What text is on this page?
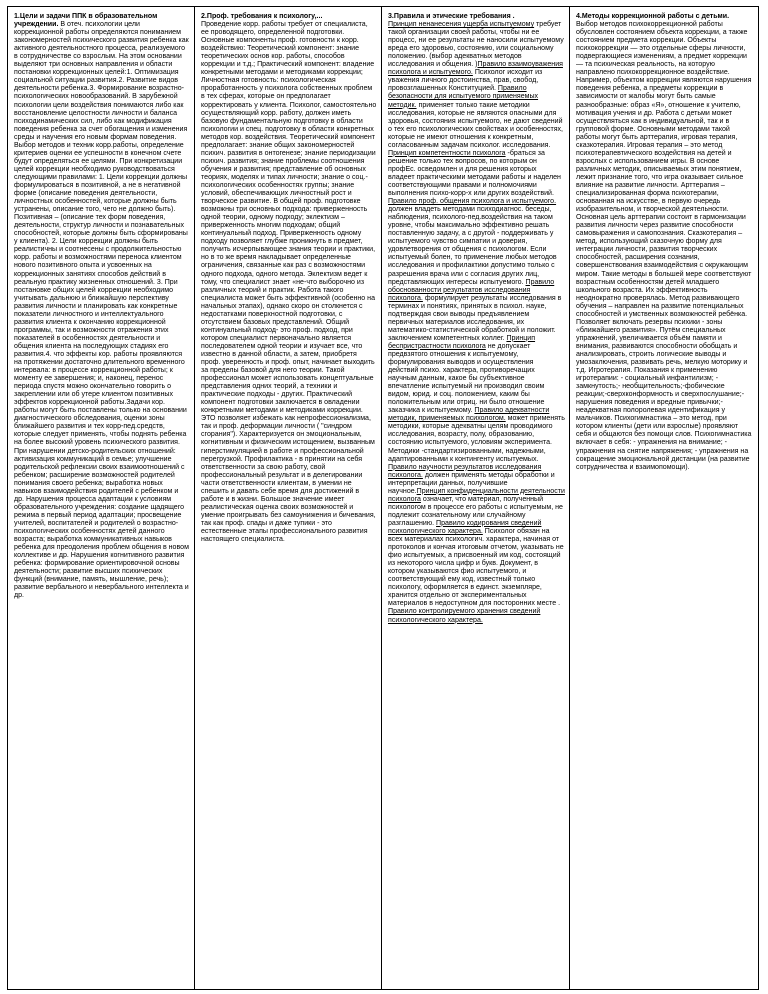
1.Цели и задачи ППК в образовательном учреждении. В отеч. психологии цели коррекционной работы определяются пониманием закономерностей психического развития ребенка как активного деятельностного процесса, реализуемого в сотрудничестве со взрослым. На этом основании выделяют три основных направления и области постановки коррекционных целей:1. Оптимизация социальной ситуации развития.2. Развитие видов деятельности ребенка.3. Формирование возрастно-психологических новообразований. В зарубежной психологии цели воздействия понимаются либо как восстановление целостности личности и баланса психодинамических сил, либо как модификация поведения ребенка за счет обогащения и изменения среды и научения его новым формам поведения. Выбор методов и техник корр.работы, определение критериев оценки ее успешности в конечном счете будут определяться ее целями. При конкретизации целей коррекции необходимо руководствоваться следующими правилами: 1. Цели коррекции должны формулироваться в позитивной, а не в негативной форме (описание поведения деятельности, личностных особенностей, которые должны быть устранены, описание того, чего не должно быть). Позитивная – (описание тех форм поведения, деятельности, структур личности и познавательных способностей, которые должны быть сформированы у клиента). 2. Цели коррекции должны быть реалистичны и соотнесены с продолжительностью корр. работы и возможностями переноса клиентом нового позитивного опыта и усвоенных на коррекционных занятиях способов действий в реальную практику жизненных отношений. 3. При постановке общих целей коррекции необходимо учитывать дальнюю и ближайшую перспективу развития личности и планировать как конкретные показатели личностного и интеллектуального развития клиента к окончанию коррекционной программы, так и возможности отражения этих показателей в особенностях деятельности и общения клиента на последующих стадиях его развития.4. что эффекты кор. работы проявляются на протяжении достаточно длительного временного интервала: в процессе коррекционной работы; к моменту ее завершения; и, наконец, перенос периода спустя можно окончательно говорить о закреплении или об утере клиентом позитивных эффектов коррекционной работы.Задачи кор. работы могут быть поставлены только на основании диагностического обследования, оценки зоны ближайшего развития и тех корр-пед.средств, которые следует применять, чтобы поднять ребенка на более высокий уровень психического развития. При нарушении детско-родительских отношений: активизация коммуникаций в семье; улучшение родительской рефлексии своих взаимоотношений с ребенком; расширение возможностей родителей понимания своего ребенка; выработка новых навыков взаимодействия родителей с ребенком и др. Нарушения процесса адаптации к условиям образовательного учреждения: создание щадящего режима в первый период адаптации; просвещение учителей, воспитателей и родителей о возрастно-психологических особенностях детей данного возраста; выработка коммуникативных навыков ребенка для преодоления проблем общения в новом коллективе и др. Нарушения когнитивного развития ребенка: формирование ориентировочной основы деятельности; развитие высших психических функций (внимание, память, мышление, речь); развитие вербального и невербального интеллекта и др.

2.Проф. требования к психологу,...

Проведение корр. работы требует от специалиста, ее проводящего, определенной подготовки. Основные компоненты проф. готовности к корр. воздействию: Теоретический компонент: знание теоретических основ кор. работы, способов коррекции и т.д.; Практический компонент: владение конкретными методами и методиками коррекции; Личностная готовность: психологическая проработанность у психолога собственных проблем в тех сферах, которые он предполагает корректировать у клиента. Психолог, самостоятельно осуществляющий корр. работу, должен иметь базовую фундаментальную подготовку в области психологии и спец. подготовку в области конкретных методов кор. воздействия. Теоретический компонент предполагает: знание общих закономерностей психич. развития в онтогенезе; знание периодизации психич. развития; знание проблемы соотношения обучения и развития; представление об основных теориях, моделях и типах личности; знание о соц.-психологических особенностях группы; знание условий, обеспечивающих личностный рост и творческое развитие. В общей проф. подготовке возможны три основных подхода: приверженность одной теории, одному подходу; эклектизм – приверженность многим подходам; общий континуальный подход. Приверженность одному подходу позволяет глубже проникнуть в предмет, получить исчерпывающее знания теории и практики, но в то же время накладывает определенные ограничения, связанные как раз с возможностями одного подхода, одного метода. Эклектизм ведет к тому, что специалист знает «не-что выборочно из различных теорий и практик. Работа такого специалиста может быть эффективной (особенно на начальных этапах), однако скоро он столкнется с недостатками поверхностной подготовки, с отсутствием базовых представлений. Общий континуальный подход- это проф. подход, при котором специалист первоначально является последователем одной теории и изучает все, что известно в данной области, а затем, приобретя проф. уверенность и проф. опыт, начинает выходить за пределы базовой для него теории. Такой профессионал может использовать концептуальные представления одних теорий, а техники и практические подходы - других. Практический компонент подготовки заключается в овладении конкретными методами и методиками коррекции. ЭТО позволяет избежать как непрофессионализма, так и проф. деформации личности ( "синдром сгорания"). Характеризуется он эмоциональным, когнитивным и физическим истощением, вызванным гиперстимуляцией в работе и профессиональной перегрузкой. Профилактика - в принятии на себя ответственности за свою работу, свой профессиональный результат и в делегировании части ответственности клиентам, в умении не спешить и давать себе время для достижений в работе и в жизни. Большое значение имеет реалистическая оценка своих возможностей и умение проигрывать без самоунижения и бичевания, так как проф. спады и даже тупики - это естественные этапы профессионального развития настоящего специалиста.

3.Правила и этические требования .

Принцип ненанесения ущерба испытуемому требует такой организации своей работы, чтобы ни ее процесс, ни ее результаты не наносили испытуемому вреда его здоровью, состоянию, или социальному положению. (выбор адекватных методов исследования и общения. )Правило взаимоуважения психолога и испытуемого. Психолог исходит из уважения личного достоинства, прав, свобод, провозглашенных Конституцией. Правило безопасности для испытуемого применяемых методик. применяет только такие методики исследования, которые не являются опасными для здоровья, состояния испытуемого, не дают сведений о тех его психологических свойствах и особенностях, которые не имеют отношения к конкретным, согласованным задачам психолог. исследования. Принцип компетентности психолога -браться за решение только тех вопросов, по которым он профЕс. осведомлен и для решения которых владеет практическими методами работы и наделен соответствующими правами и полномочиями выполнения психо-корр-х или других воздействий. Правило проф. общения психолога и испытуемого. должен владеть методами психодиагнос. беседы, наблюдения, психолого-пед.воздействия на таком уровне, чтобы максимально эффективно решать поставленную задачу, а с другой - поддерживать у испытуемого чувство симпатии и доверия, удовлетворения от общения с психологом. Если испытуемый болен, то применение любых методов исследования и профилактики допустимо только с разрешения врача или с согласия других лиц, представляющих интересы испытуемого. Правило обоснованности результатов исследования психолога. формулирует результаты исследования в терминах и понятиях, принятых в психол. науке, подтверждая свои выводы предъявлением первичных материалов исследования, их математико-статистической обработкой и положит. заключением компетентных коллег. Принцип беспристрастности психолога не допускает предвзятого отношения к испытуемому, формулирования выводов и осуществления действий психо. характера, противоречащих научным данным, какое бы субъективное впечатление испытуемый ни производил своим видом, юрид. и соц. положением, каким бы положительным или отриц. ни было отношение заказчика к испытуемому. Правило адекватности методик, применяемых психологом. может применять методики, которые адекватны целям проводимого исследования, возрасту, полу, образованию, состоянию испытуемого, условиям эксперимента. Методики -стандартизированными, надежными, адаптированными к контингенту испытуемых. Правило научности результатов исследования психолога. должен применять методы обработки и интерпретации данных, получившие научное.Принцип конфиденциальности деятельности психолога означает, что материал, полученный психологом в процессе его работы с испытуемым, не подлежит сознательному или случайному разглашению. Правило кодирования сведений психологического характера. Психолог обязан на всех материалах психологич. характера, начиная от протоколов и кончая итоговым отчетом, указывать не фио испытуемых, а присвоенный им код, состоящий из некоторого числа цифр и букв. Документ, в котором указываются фио испытуемого, и соответствующий ему код, известный только психологу, оформляется в единст. экземпляре, хранится отдельно от экспериментальных материалов в недоступном для посторонних месте . Правило контролируемого хранения сведений психологического характера.

4.Методы коррекционной работы с детьми.

Выбор методов психокоррекционной работы обусловлен состоянием объекта коррекции, а также состоянием предмета коррекции. Объекты психокоррекции — это отдельные сферы личности, подвергающиеся изменениям, а предмет коррекции — та психическая реальность, на которую направлено психокоррекционное воздействие. Например, объектом коррекции являются нарушения поведения ребенка, а предметы коррекции в зависимости от жалобы могут быть самые разнообразные: образ «Я», отношение к учителю, мотивация учения и др. Работа с детьми может осуществляться как в индивидуальной, так и в групповой форме. Основными методами такой работы могут быть арттерапия, игровая терапия, сказкотерапия. Игровая терапия – это метод психотерапевтического воздействия на детей и взрослых с использованием игры. В основе различных методик, описываемых этим понятием, лежит признание того, что игра оказывает сильное влияние на развитие личности. Арттерапия – специализированная форма психотерапии, основанная на искусстве, в первую очередь изобразительном, и творческой деятельности. Основная цель арттерапии состоит в гармонизации развития личности через развитие способности самовыражения и самопознания. Сказкотерапия – метод, использующий сказочную форму для интеграции личности, развития творческих способностей, расширения сознания, совершенствования взаимодействия с окружающим миром. Такие методы в большей мере соответствуют возрастным особенностям детей младшего школьного возраста. Их эффективность неоднократно проверялась. Метод развивающего обучения – направлен на развитие потенциальных способностей и умственных возможностей ребёнка. Позволяет включать резервы психики - зоны «ближайшего развития». Путём специальных упражнений, увеличивается объём памяти и внимания, развиваются способности обобщать и анализировать, строить логические выводы и умозаключения, развивать речь, мелкую моторику и т.д. Игротерапия. Показания к применению игротерапии: - социальный инфантилизм; - замкнутость;- необщительность;-фобические реакции;-сверхконформность и сверхпослушание;-нарушения поведения и вредные привычки;- неадекватная полоролевая идентификация у мальчиков. Психогимнастика – это метод, при котором клиенты (дети или взрослые) проявляют себя и общаются без помощи слов. Психогимнастика включает в себя: - упражнения на внимание; - упражнения на снятие напряжения; - упражнения на сокращение эмоциональной дистанции (на развитие сотрудничества и взаимопомощи).
